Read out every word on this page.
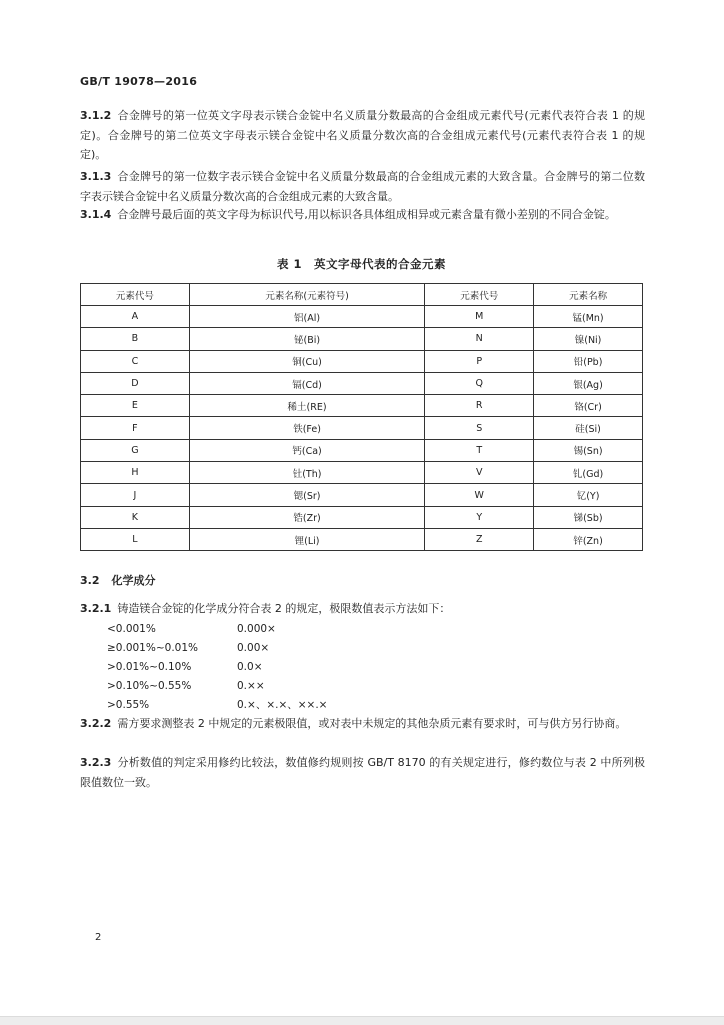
GB/T 19078—2016
3.1.2 合金牌号的第一位英文字母表示镁合金锭中名义质量分数最高的合金组成元素代号(元素代表符合表 1 的规定)。合金牌号的第二位英文字母表示镁合金锭中名义质量分数次高的合金组成元素代号(元素代表符合表 1 的规定)。
3.1.3 合金牌号的第一位数字表示镁合金锭中名义质量分数最高的合金组成元素的大致含量。合金牌号的第二位数字表示镁合金锭中名义质量分数次高的合金组成元素的大致含量。
3.1.4 合金牌号最后面的英文字母为标识代号,用以标识各具体组成相异或元素含量有微小差别的不同合金锭。
表 1　英文字母代表的合金元素
元素代号	元素名称(元素符号)	元素代号	元素名称
A	铝(Al)	M	锰(Mn)
B	铋(Bi)	N	镍(Ni)
C	铜(Cu)	P	铅(Pb)
D	镉(Cd)	Q	银(Ag)
E	稀土(RE)	R	铬(Cr)
F	铁(Fe)	S	硅(Si)
G	钙(Ca)	T	锡(Sn)
H	钍(Th)	V	钆(Gd)
J	锶(Sr)	W	钇(Y)
K	锆(Zr)	Y	锑(Sb)
L	锂(Li)	Z	锌(Zn)
3.2 化学成分
3.2.1 铸造镁合金锭的化学成分符合表 2 的规定，极限数值表示方法如下：
<0.001%	0.000×
≥0.001%~0.01%	0.00×
>0.01%~0.10%	0.0×
>0.10%~0.55%	0.××
>0.55%	0.×、×.×、××.×
3.2.2 需方要求测整表 2 中规定的元素极限值，或对表中未规定的其他杂质元素有要求时，可与供方另行协商。
3.2.3 分析数值的判定采用修约比较法，数值修约规则按 GB/T 8170 的有关规定进行，修约数位与表 2 中所列极限值数位一致。
2
